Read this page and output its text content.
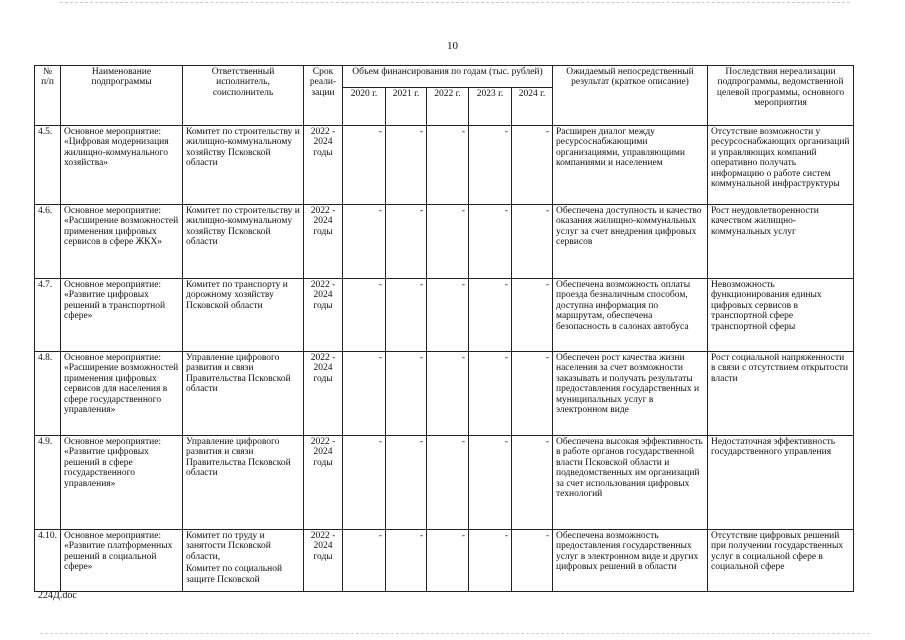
10
№ п/п	Наименование подпрограммы	Ответственный исполнитель, соисполнитель	Срок реали- зации	Объем финансирования по годам (тыс. рублей)					Ожидаемый непосредственный результат (краткое описание)	Последствия нереализации подпрограммы, ведомственной целевой программы, основного мероприятия
				2020 г.	2021 г.	2022 г.	2023 г.	2024 г.		
4.5.	Основное мероприятие: «Цифровая модернизация жилищно-коммунального хозяйства»	Комитет по строительству и жилищно-коммунальному хозяйству Псковской области	2022 - 2024 годы	-	-	-	-	-	Расширен диалог между ресурсоснабжающими организациями, управляющими компаниями и населением	Отсутствие возможности у ресурсоснабжающих организаций и управляющих компаний оперативно получать информацию о работе систем коммунальной инфраструктуры
4.6.	Основное мероприятие: «Расширение возможностей применения цифровых сервисов в сфере ЖКХ»	Комитет по строительству и жилищно-коммунальному хозяйству Псковской области	2022 - 2024 годы	-	-	-	-	-	Обеспечена доступность и качество оказания жилищно-коммунальных услуг за счет внедрения цифровых сервисов	Рост неудовлетворенности качеством жилищно-коммунальных услуг
4.7.	Основное мероприятие: «Развитие цифровых решений в транспортной сфере»	Комитет по транспорту и дорожному хозяйству Псковской области	2022 - 2024 годы	-	-	-	-	-	Обеспечена возможность оплаты проезда безналичным способом, доступна информация по маршрутам, обеспечена безопасность в салонах автобуса	Невозможность функционирования единых цифровых сервисов в транспортной сфере транспортной сферы
4.8.	Основное мероприятие: «Расширение возможностей применения цифровых сервисов для населения в сфере государственного управления»	Управление цифрового развития и связи Правительства Псковской области	2022 - 2024 годы	-	-	-	-	-	Обеспечен рост качества жизни населения за счет возможности заказывать и получать результаты предоставления государственных и муниципальных услуг в электронном виде	Рост социальной напряженности в связи с отсутствием открытости власти
4.9.	Основное мероприятие: «Развитие цифровых решений в сфере государственного управления»	Управление цифрового развития и связи Правительства Псковской области	2022 - 2024 годы	-	-	-	-	-	Обеспечена высокая эффективность в работе органов государственной власти Псковской области и подведомственных им организаций за счет использования цифровых технологий	Недостаточная эффективность государственного управления
4.10.	Основное мероприятие: «Развитие платформенных решений в социальной сфере»	Комитет по труду и занятости Псковской области,
Комитет по социальной защите Псковской	2022 - 2024 годы	-	-	-	-	-	Обеспечена возможность предоставления государственных услуг в электронном виде и других цифровых решений в области	Отсутствие цифровых решений при получении государственных услуг в социальной сфере в социальной сфере
224Д.doc
